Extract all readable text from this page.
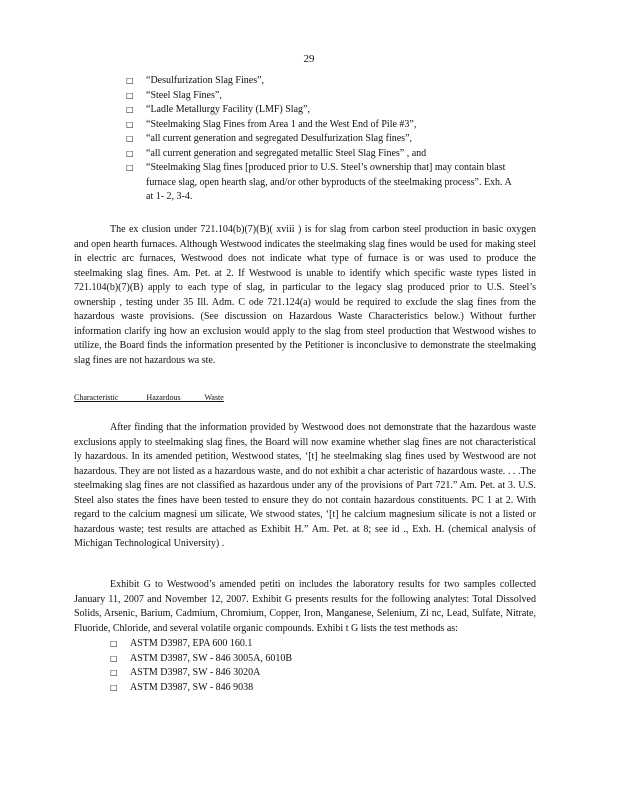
29
□ “Desulfurization Slag Fines”,
□ “Steel Slag Fines”,
□ “Ladle Metallurgy Facility (LMF) Slag”,
□ “Steelmaking Slag Fines from Area 1 and the West End of Pile #3”,
□ “all current generation and segregated Desulfurization Slag fines”,
□ “all current generation and segregated metallic Steel Slag Fines” , and
□ “Steelmaking Slag fines [produced prior to U.S. Steel’s ownership that] may contain blast furnace slag, open hearth slag, and/or other byproducts of the steelmaking process”. Exh. A at 1- 2, 3-4.

The ex clusion under 721.104(b)(7)(B)( xviii ) is for slag from carbon steel production in basic oxygen and open hearth furnaces. Although Westwood indicates the steelmaking slag fines would be used for making steel in electric arc furnaces, Westwood does not indicate what type of furnace is or was used to produce the steelmaking slag fines. Am. Pet. at 2. If Westwood is unable to identify which specific waste types listed in 721.104(b)(7)(B) apply to each type of slag, in particular to the legacy slag produced prior to U.S. Steel’s ownership , testing under 35 Ill. Adm. C ode 721.124(a) would be required to exclude the slag fines from the hazardous waste provisions. (See discussion on Hazardous Waste Characteristics below.) Without further information clarify ing how an exclusion would apply to the slag from steel production that Westwood wishes to utilize, the Board finds the information presented by the Petitioner is inconclusive to demonstrate the steelmaking slag fines are not hazardous wa ste.

Characteristic              Hazardous            Waste

After finding that the information provided by Westwood does not demonstrate that the hazardous waste exclusions apply to steelmaking slag fines, the Board will now examine whether slag fines are not characteristical ly hazardous. In its amended petition, Westwood states, ‘[t] he steelmaking slag fines used by Westwood are not hazardous. They are not listed as a hazardous waste, and do not exhibit a char acteristic of hazardous waste. . . .The steelmaking slag fines are not classified as hazardous under any of the provisions of Part 721.” Am. Pet. at 3. U.S. Steel also states the fines have been tested to ensure they do not contain hazardous constituents. PC 1 at 2. With regard to the calcium magnesi um silicate, We stwood states, ‘[t] he calcium magnesium silicate is not a listed or hazardous waste; test results are attached as Exhibit H.” Am. Pet. at 8; see id ., Exh. H. (chemical analysis of Michigan Technological University) .

Exhibit G to Westwood’s amended petiti on includes the laboratory results for two samples collected January 11, 2007 and November 12, 2007. Exhibit G presents results for the following analytes: Total Dissolved Solids, Arsenic, Barium, Cadmium, Chromium, Copper, Iron, Manganese, Selenium, Zi nc, Lead, Sulfate, Nitrate, Fluoride, Chloride, and several volatile organic compounds. Exhibi t G lists the test methods as:

□ ASTM D3987, EPA 600 160.1
□ ASTM D3987, SW - 846 3005A, 6010B
□ ASTM D3987, SW - 846 3020A
□ ASTM D3987, SW - 846 9038
